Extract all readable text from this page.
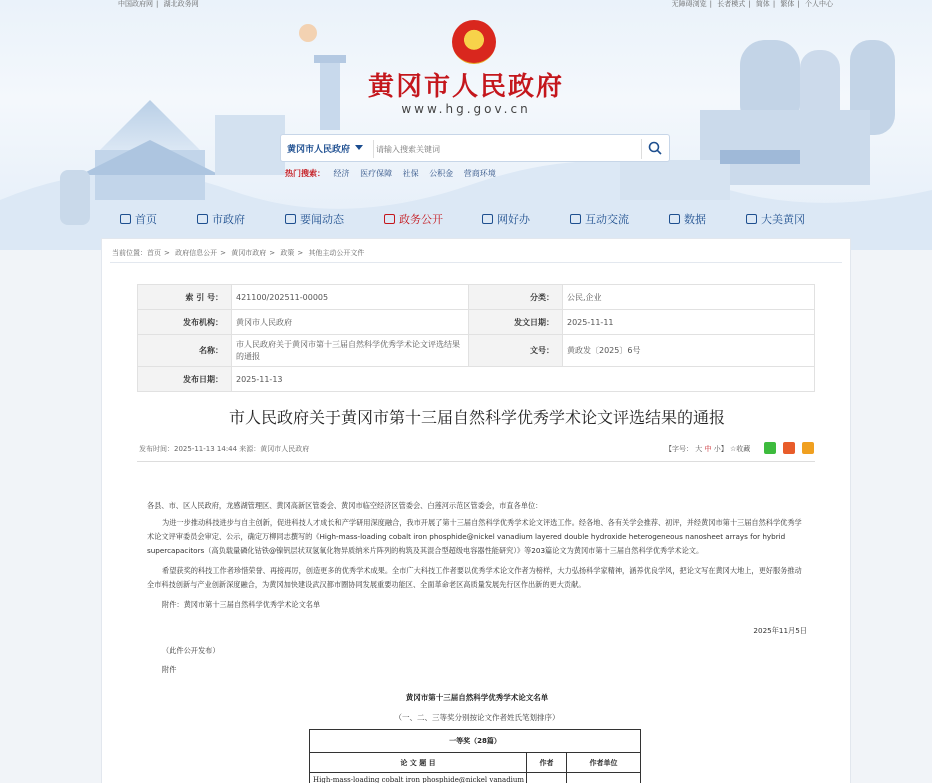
中国政府网 | 湖北政务网	无障碍浏览 | 长者模式 | 简体 | 繁体 | 个人中心
★
黄冈市人民政府
www.hg.gov.cn
黄冈市人民政府
请输入搜索关键词
热门搜索： 经济 医疗保障 社保 公积金 营商环境
首页	市政府	要闻动态	政务公开	网好办	互动交流	数据	大美黄冈
当前位置：首页 > 政府信息公开 > 黄冈市政府 > 政策 > 其他主动公开文件
索 引 号：	421100/202511-00005	分类：	公民,企业
发布机构：	黄冈市人民政府	发文日期：	2025-11-11
名称：	市人民政府关于黄冈市第十三届自然科学优秀学术论文评选结果的通报	文号：	黄政发〔2025〕6号
发布日期：	2025-11-13		
市人民政府关于黄冈市第十三届自然科学优秀学术论文评选结果的通报
发布时间：2025-11-13 14:44 来源：黄冈市人民政府	【字号： 大 中 小】 ☆收藏

各县、市、区人民政府，龙感湖管理区、黄冈高新区管委会、黄冈市临空经济区管委会、白莲河示范区管委会，市直各单位：

为进一步推动科技进步与自主创新，促进科技人才成长和产学研用深度融合，我市开展了第十三届自然科学优秀学术论文评选工作。经各地、各有关学会推荐、初评，并经黄冈市第十三届自然科学优秀学术论文评审委员会审定、公示，确定万柳同志撰写的《High-mass-loading cobalt iron phosphide@nickel vanadium layered double hydroxide heterogeneous nanosheet arrays for hybrid supercapacitors（高负载量磷化钴铁@镍钒层状双氢氧化物异质纳米片阵列的构筑及其混合型超级电容器性能研究）》等203篇论文为黄冈市第十三届自然科学优秀学术论文。

希望获奖的科技工作者珍惜荣誉、再接再厉，创造更多的优秀学术成果。全市广大科技工作者要以优秀学术论文作者为榜样，大力弘扬科学家精神，涵养优良学风，把论文写在黄冈大地上，更好服务推动全市科技创新与产业创新深度融合，为黄冈加快建设武汉都市圈协同发展重要功能区、全面革命老区高质量发展先行区作出新的更大贡献。

附件：黄冈市第十三届自然科学优秀学术论文名单

2025年11月5日

（此件公开发布）

附件

黄冈市第十三届自然科学优秀学术论文名单
（一、二、三等奖分别按论文作者姓氏笔划排序）
一等奖（28篇）		
论 文 题 目	作者	作者单位
High-mass-loading cobalt iron phosphide@nickel vanadium		
